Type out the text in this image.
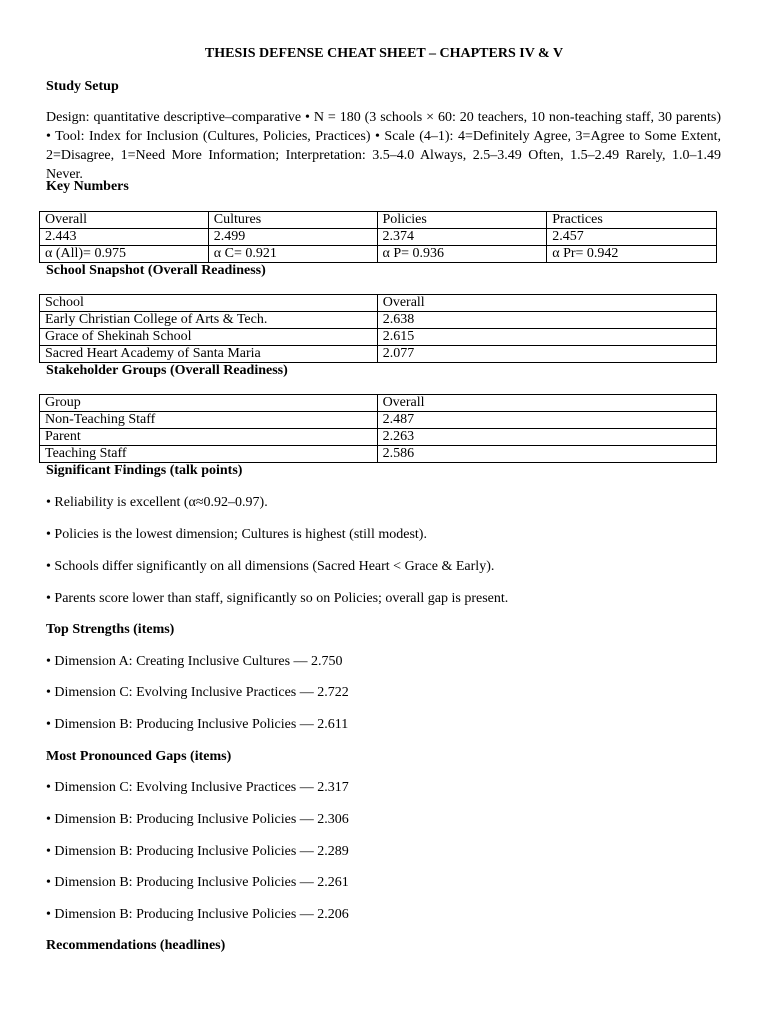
THESIS DEFENSE CHEAT SHEET – CHAPTERS IV & V
Study Setup

Design: quantitative descriptive–comparative • N = 180 (3 schools × 60: 20 teachers, 10 non-teaching staff, 30 parents) • Tool: Index for Inclusion (Cultures, Policies, Practices) • Scale (4–1): 4=Definitely Agree, 3=Agree to Some Extent, 2=Disagree, 1=Need More Information; Interpretation: 3.5–4.0 Always, 2.5–3.49 Often, 1.5–2.49 Rarely, 1.0–1.49 Never.

Key Numbers
Overall	Cultures	Policies	Practices
2.443	2.499	2.374	2.457
α (All)= 0.975	α C= 0.921	α P= 0.936	α Pr= 0.942
School Snapshot (Overall Readiness)
School	Overall
Early Christian College of Arts & Tech.	2.638
Grace of Shekinah School	2.615
Sacred Heart Academy of Santa Maria	2.077
Stakeholder Groups (Overall Readiness)
Group	Overall
Non-Teaching Staff	2.487
Parent	2.263
Teaching Staff	2.586
Significant Findings (talk points)

• Reliability is excellent (α≈0.92–0.97).

• Policies is the lowest dimension; Cultures is highest (still modest).

• Schools differ significantly on all dimensions (Sacred Heart < Grace & Early).

• Parents score lower than staff, significantly so on Policies; overall gap is present.

Top Strengths (items)

• Dimension A: Creating Inclusive Cultures — 2.750

• Dimension C: Evolving Inclusive Practices — 2.722

• Dimension B: Producing Inclusive Policies — 2.611

Most Pronounced Gaps (items)

• Dimension C: Evolving Inclusive Practices — 2.317

• Dimension B: Producing Inclusive Policies — 2.306

• Dimension B: Producing Inclusive Policies — 2.289

• Dimension B: Producing Inclusive Policies — 2.261

• Dimension B: Producing Inclusive Policies — 2.206

Recommendations (headlines)
